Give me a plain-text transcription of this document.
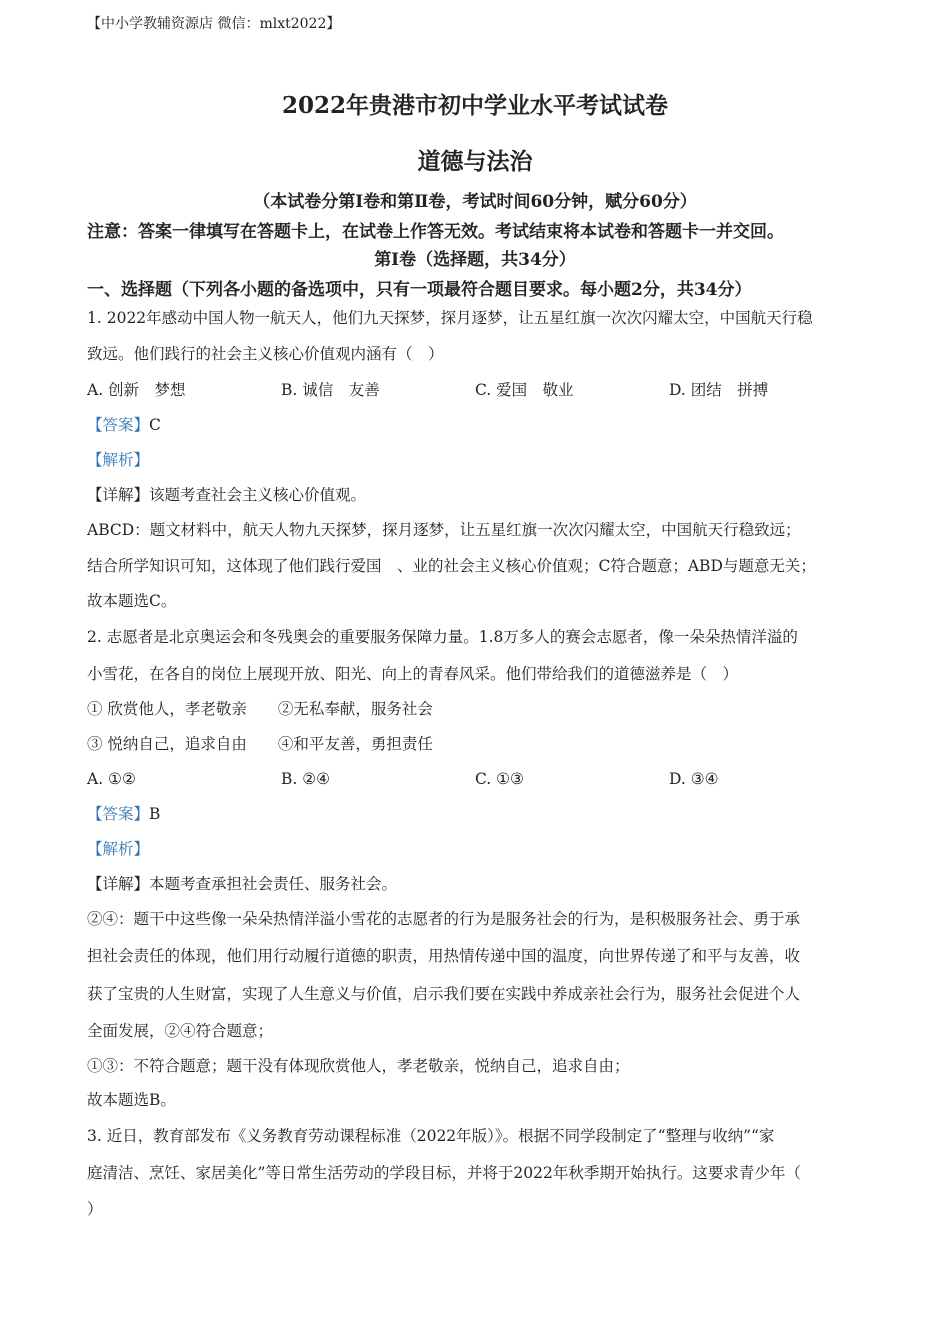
【中小学教辅资源店 微信：mlxt2022】
2022年贵港市初中学业水平考试试卷
道德与法治
（本试卷分第Ⅰ卷和第Ⅱ卷，考试时间60分钟，赋分60分）
注意：答案一律填写在答题卡上，在试卷上作答无效。考试结束将本试卷和答题卡一并交回。
第Ⅰ卷（选择题，共34分）
一、选择题（下列各小题的备选项中，只有一项最符合题目要求。每小题2分，共34分）
1. 2022年感动中国人物一航天人，他们九天探梦，探月逐梦，让五星红旗一次次闪耀太空，中国航天行稳
致远。他们践行的社会主义核心价值观内涵有（　）
A. 创新　梦想	B. 诚信　友善	C. 爱国　敬业	D. 团结　拼搏
【答案】C
【解析】
【详解】该题考查社会主义核心价值观。
ABCD：题文材料中，航天人物九天探梦，探月逐梦，让五星红旗一次次闪耀太空，中国航天行稳致远；
结合所学知识可知，这体现了他们践行爱国　、业的社会主义核心价值观；C符合题意；ABD与题意无关；
故本题选C。
2. 志愿者是北京奥运会和冬残奥会的重要服务保障力量。1.8万多人的赛会志愿者，像一朵朵热情洋溢的
小雪花，在各自的岗位上展现开放、阳光、向上的青春风采。他们带给我们的道德滋养是（　）
① 欣赏他人，孝老敬亲　　②无私奉献，服务社会
③ 悦纳自己，追求自由　　④和平友善，勇担责任
A. ①②	B. ②④	C. ①③	D. ③④
【答案】B
【解析】
【详解】本题考查承担社会责任、服务社会。
②④：题干中这些像一朵朵热情洋溢小雪花的志愿者的行为是服务社会的行为，是积极服务社会、勇于承
担社会责任的体现，他们用行动履行道德的职责，用热情传递中国的温度，向世界传递了和平与友善，收
获了宝贵的人生财富，实现了人生意义与价值，启示我们要在实践中养成亲社会行为，服务社会促进个人
全面发展，②④符合题意；
①③：不符合题意；题干没有体现欣赏他人，孝老敬亲，悦纳自己，追求自由；
故本题选B。
3. 近日，教育部发布《义务教育劳动课程标准（2022年版）》。根据不同学段制定了“整理与收纳”“家
庭清洁、烹饪、家居美化”等日常生活劳动的学段目标，并将于2022年秋季期开始执行。这要求青少年（
）
